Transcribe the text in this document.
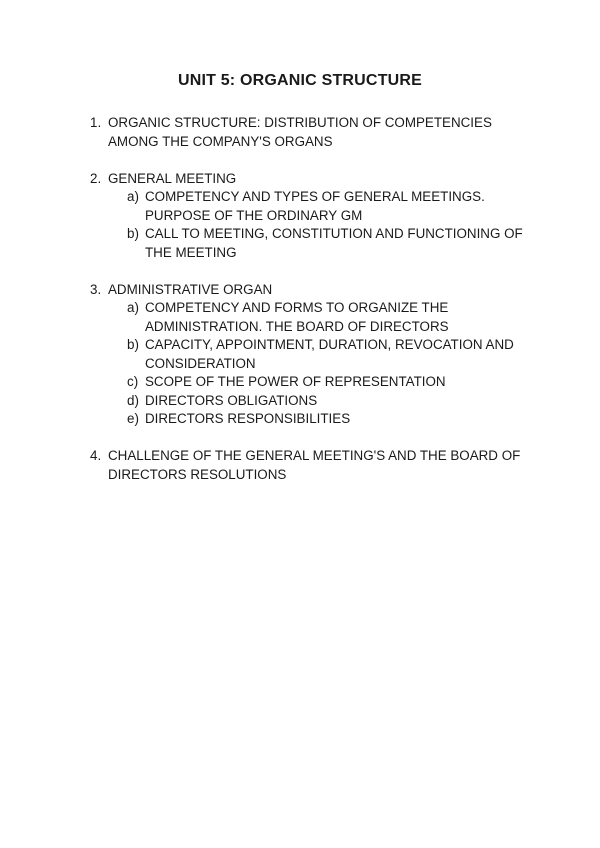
UNIT 5: ORGANIC STRUCTURE
1. ORGANIC STRUCTURE: DISTRIBUTION OF COMPETENCIES AMONG THE COMPANY'S ORGANS
2. GENERAL MEETING
a) COMPETENCY AND TYPES OF GENERAL MEETINGS. PURPOSE OF THE ORDINARY GM
b) CALL TO MEETING, CONSTITUTION AND FUNCTIONING OF THE MEETING
3. ADMINISTRATIVE ORGAN
a) COMPETENCY AND FORMS TO ORGANIZE THE ADMINISTRATION. THE BOARD OF DIRECTORS
b) CAPACITY, APPOINTMENT, DURATION, REVOCATION AND CONSIDERATION
c) SCOPE OF THE POWER OF REPRESENTATION
d) DIRECTORS OBLIGATIONS
e) DIRECTORS RESPONSIBILITIES
4. CHALLENGE OF THE GENERAL MEETING'S AND THE BOARD OF DIRECTORS RESOLUTIONS
